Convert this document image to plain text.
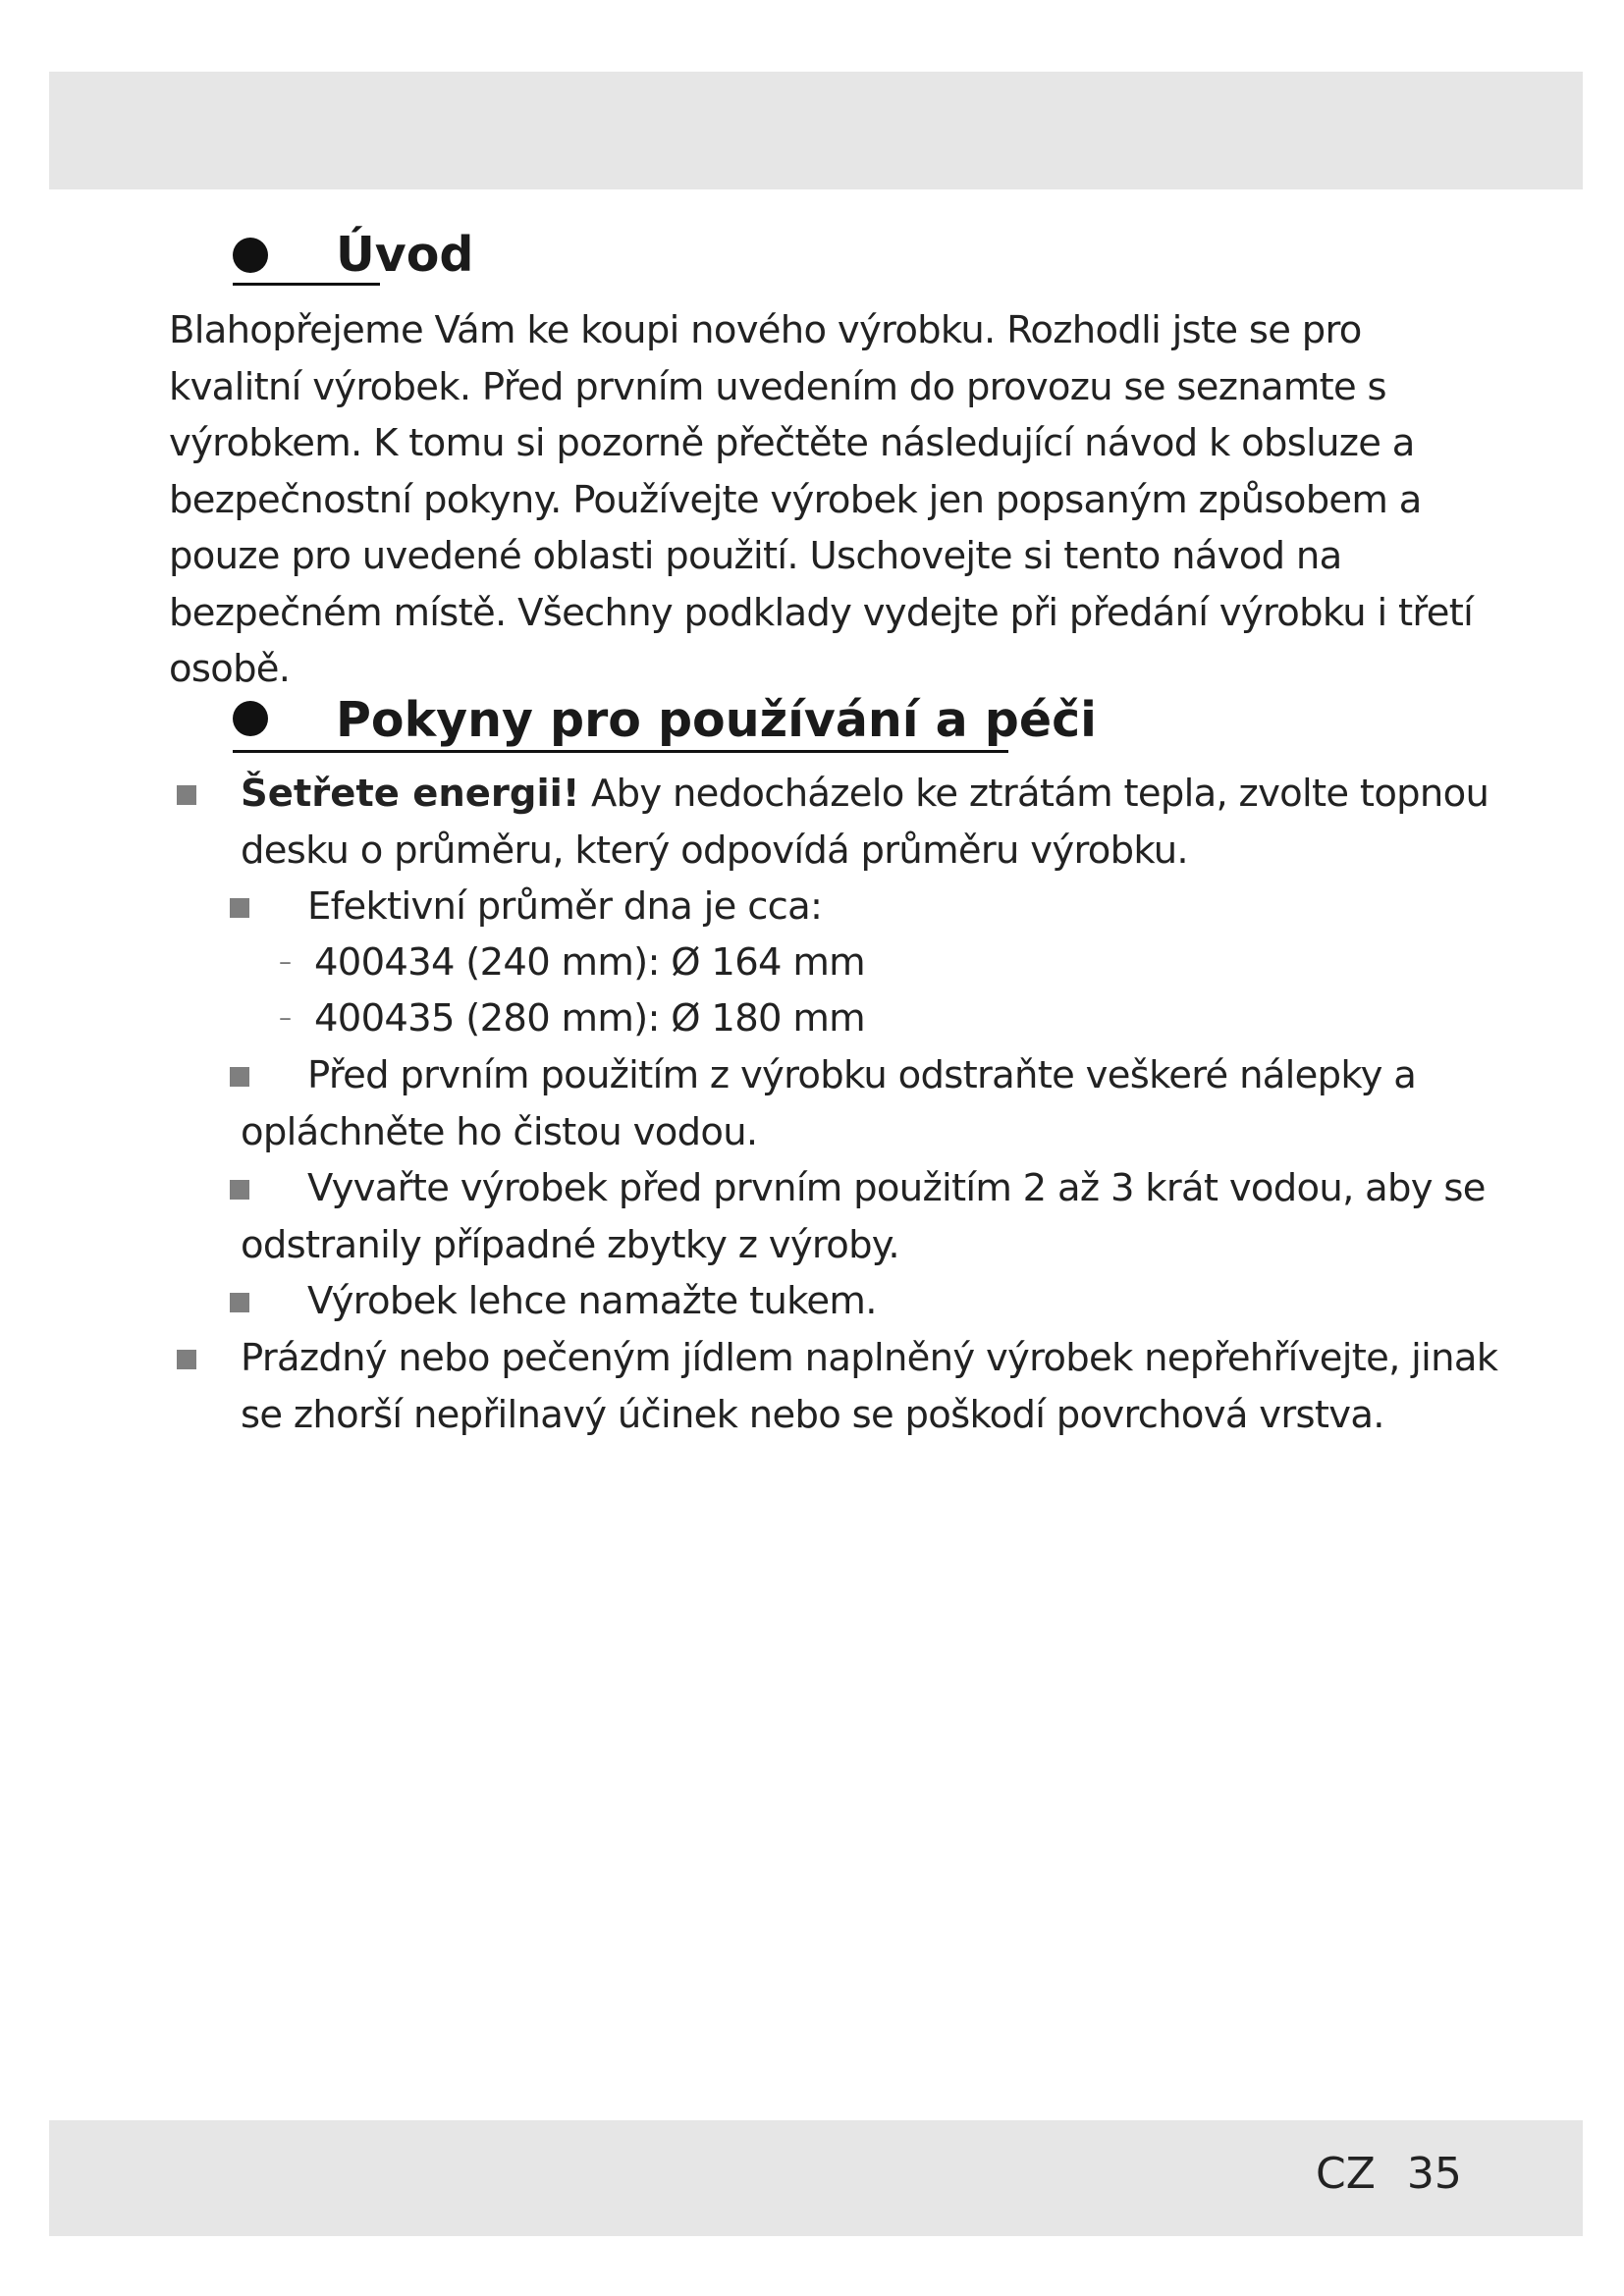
Úvod

Blahopřejeme Vám ke koupi nového výrobku. Rozhodli jste se pro kvalitní výrobek. Před prvním uvedením do provozu se seznamte s výrobkem. K tomu si pozorně přečtěte následující návod k obsluze a bezpečnostní pokyny. Používejte výrobek jen popsaným způsobem a pouze pro uvedené oblasti použití. Uschovejte si tento návod na bezpečném místě. Všechny podklady vydejte při předání výrobku i třetí osobě.

Pokyny pro používání a péči
Šetřete energii! Aby nedocházelo ke ztrátám tepla, zvolte topnou
desku o průměru, který odpovídá průměru výrobku.
Efektivní průměr dna je cca:
– 400434 (240 mm): Ø 164 mm
– 400435 (280 mm): Ø 180 mm
Před prvním použitím z výrobku odstraňte veškeré nálepky a
opláchněte ho čistou vodou.
Vyvařte výrobek před prvním použitím 2 až 3 krát vodou, aby se
odstranily případné zbytky z výroby.
Výrobek lehce namažte tukem.
Prázdný nebo pečeným jídlem naplněný výrobek nepřehřívejte, jinak
se zhorší nepřilnavý účinek nebo se poškodí povrchová vrstva.
CZ 35
